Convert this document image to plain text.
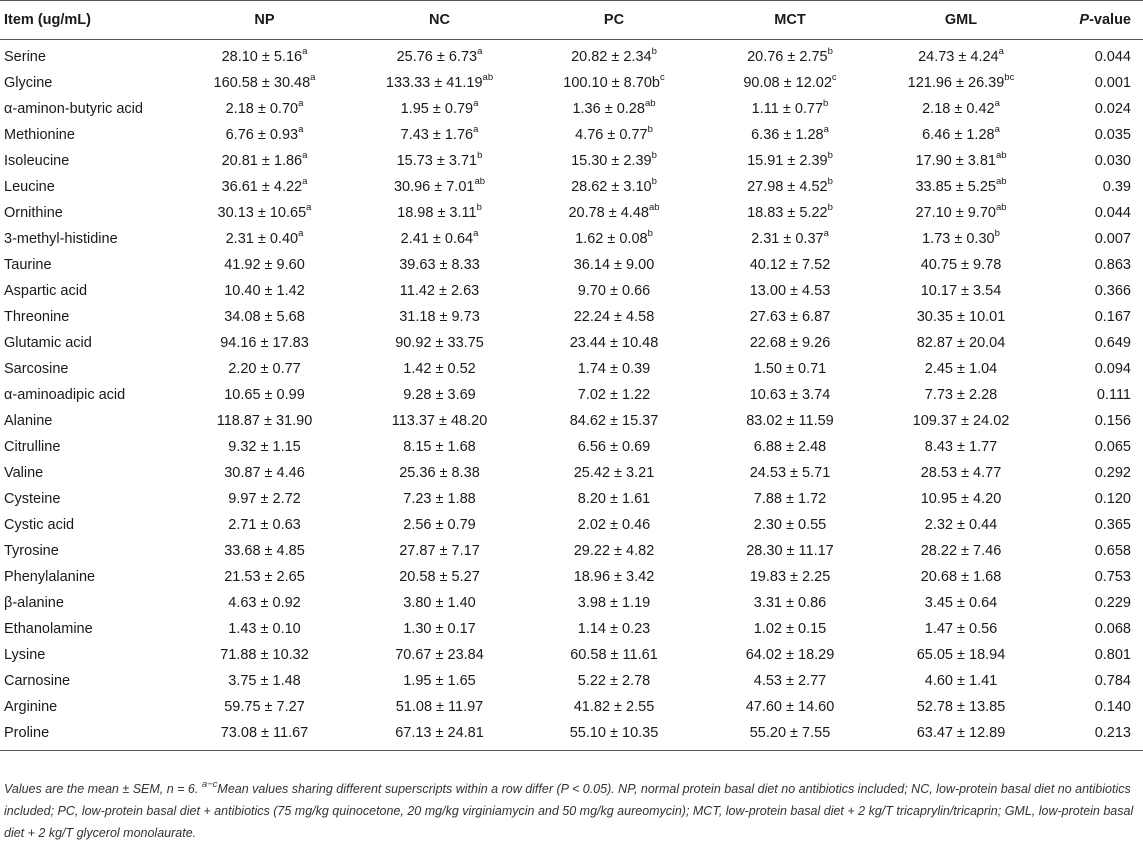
Item (ug/mL)	NP	NC	PC	MCT	GML	P-value
Serine	28.10 ± 5.16$^a$	25.76 ± 6.73$^a$	20.82 ± 2.34$^b$	20.76 ± 2.75$^b$	24.73 ± 4.24$^a$	0.044
Glycine	160.58 ± 30.48$^a$	133.33 ± 41.19$^{ab}$	$100.10 \pm 8.70b^c$	90.08 ± 12.02$^c$	121.96 ± 26.39$^{bc}$	0.001
α-aminon-butyric acid	2.18 ± 0.70$^a$	1.95 ± 0.79$^a$	1.36 ± 0.28$^{ab}$	1.11 ± 0.77$^b$	2.18 ± 0.42$^a$	0.024
Methionine	6.76 ± 0.93$^a$	7.43 ± 1.76$^a$	4.76 ± 0.77$^b$	6.36 ± 1.28$^a$	6.46 ± 1.28$^a$	0.035
Isoleucine	20.81 ± 1.86$^a$	15.73 ± 3.71$^b$	15.30 ± 2.39$^b$	15.91 ± 2.39$^b$	17.90 ± 3.81$^{ab}$	0.030
Leucine	36.61 ± 4.22$^a$	30.96 ± 7.01$^{ab}$	28.62 ± 3.10$^b$	27.98 ± 4.52$^b$	33.85 ± 5.25$^{ab}$	0.39
Ornithine	30.13 ± 10.65$^a$	18.98 ± 3.11$^b$	20.78 ± 4.48$^{ab}$	18.83 ± 5.22$^b$	27.10 ± 9.70$^{ab}$	0.044
3-methyl-histidine	2.31 ± 0.40$^a$	2.41 ± 0.64$^a$	1.62 ± 0.08$^b$	2.31 ± 0.37$^a$	1.73 ± 0.30$^b$	0.007
Taurine	41.92 ± 9.60	39.63 ± 8.33	36.14 ± 9.00	40.12 ± 7.52	40.75 ± 9.78	0.863
Aspartic acid	10.40 ± 1.42	11.42 ± 2.63	9.70 ± 0.66	13.00 ± 4.53	10.17 ± 3.54	0.366
Threonine	34.08 ± 5.68	31.18 ± 9.73	22.24 ± 4.58	27.63 ± 6.87	30.35 ± 10.01	0.167
Glutamic acid	94.16 ± 17.83	90.92 ± 33.75	23.44 ± 10.48	22.68 ± 9.26	82.87 ± 20.04	0.649
Sarcosine	2.20 ± 0.77	1.42 ± 0.52	1.74 ± 0.39	1.50 ± 0.71	2.45 ± 1.04	0.094
α-aminoadipic acid	10.65 ± 0.99	9.28 ± 3.69	7.02 ± 1.22	10.63 ± 3.74	7.73 ± 2.28	0.111
Alanine	118.87 ± 31.90	113.37 ± 48.20	84.62 ± 15.37	83.02 ± 11.59	109.37 ± 24.02	0.156
Citrulline	9.32 ± 1.15	8.15 ± 1.68	6.56 ± 0.69	6.88 ± 2.48	8.43 ± 1.77	0.065
Valine	30.87 ± 4.46	25.36 ± 8.38	25.42 ± 3.21	24.53 ± 5.71	28.53 ± 4.77	0.292
Cysteine	9.97 ± 2.72	7.23 ± 1.88	8.20 ± 1.61	7.88 ± 1.72	10.95 ± 4.20	0.120
Cystic acid	2.71 ± 0.63	2.56 ± 0.79	2.02 ± 0.46	2.30 ± 0.55	2.32 ± 0.44	0.365
Tyrosine	33.68 ± 4.85	27.87 ± 7.17	29.22 ± 4.82	28.30 ± 11.17	28.22 ± 7.46	0.658
Phenylalanine	21.53 ± 2.65	20.58 ± 5.27	18.96 ± 3.42	19.83 ± 2.25	20.68 ± 1.68	0.753
β-alanine	4.63 ± 0.92	3.80 ± 1.40	3.98 ± 1.19	3.31 ± 0.86	3.45 ± 0.64	0.229
Ethanolamine	1.43 ± 0.10	1.30 ± 0.17	1.14 ± 0.23	1.02 ± 0.15	1.47 ± 0.56	0.068
Lysine	71.88 ± 10.32	70.67 ± 23.84	60.58 ± 11.61	64.02 ± 18.29	65.05 ± 18.94	0.801
Carnosine	3.75 ± 1.48	1.95 ± 1.65	5.22 ± 2.78	4.53 ± 2.77	4.60 ± 1.41	0.784
Arginine	59.75 ± 7.27	51.08 ± 11.97	41.82 ± 2.55	47.60 ± 14.60	52.78 ± 13.85	0.140
Proline	73.08 ± 11.67	67.13 ± 24.81	55.10 ± 10.35	55.20 ± 7.55	63.47 ± 12.89	0.213

Values are the mean ± SEM, n = 6. $^{a-c}$Mean values sharing different superscripts within a row differ (P < 0.05). NP, normal protein basal diet no antibiotics included; NC, low-protein basal diet no antibiotics included; PC, low-protein basal diet + antibiotics (75 mg/kg quinocetone, 20 mg/kg virginiamycin and 50 mg/kg aureomycin); MCT, low-protein basal diet + 2 kg/T tricaprylin/tricaprin; GML, low-protein basal diet + 2 kg/T glycerol monolaurate.
